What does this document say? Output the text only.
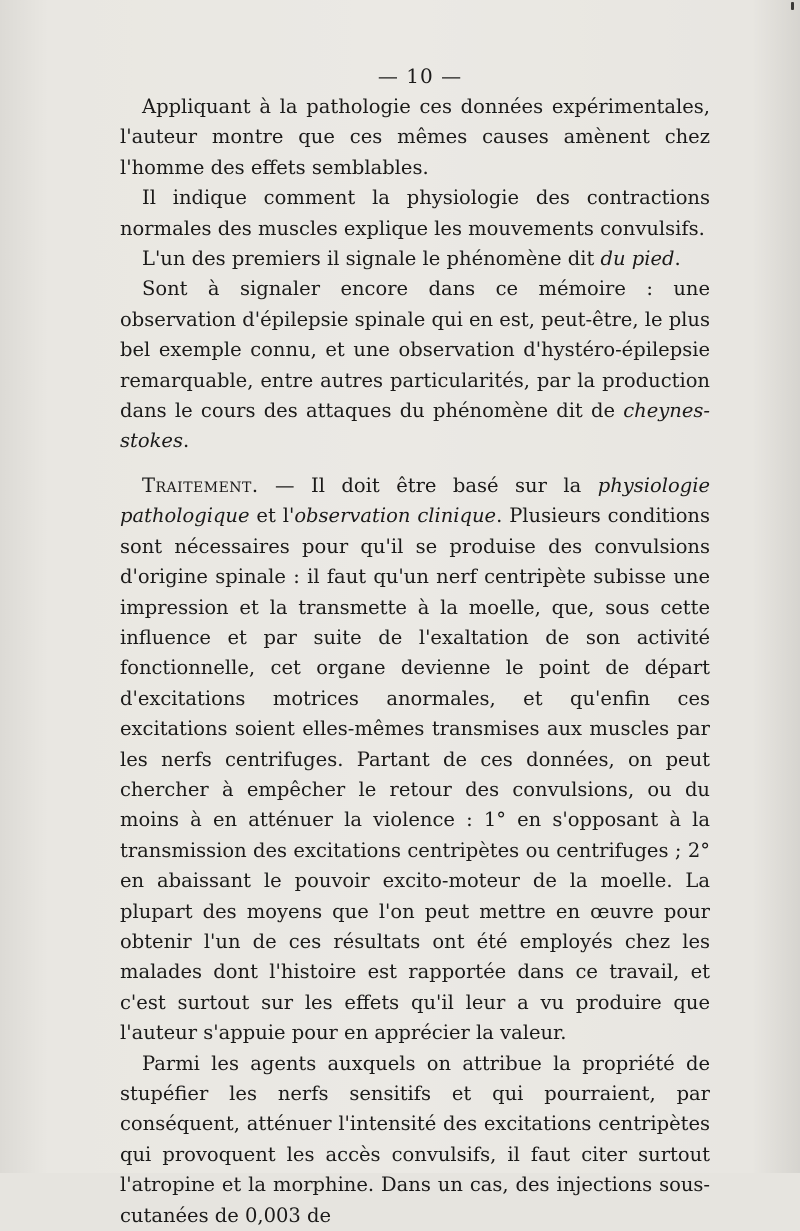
— 10 —

Appliquant à la pathologie ces données expérimentales, l'auteur montre que ces mêmes causes amènent chez l'homme des effets semblables.

Il indique comment la physiologie des contractions normales des muscles explique les mouvements convulsifs.

L'un des premiers il signale le phénomène dit du pied.

Sont à signaler encore dans ce mémoire : une observation d'épilepsie spinale qui en est, peut-être, le plus bel exemple connu, et une observation d'hystéro-épilepsie remarquable, entre autres particularités, par la production dans le cours des attaques du phénomène dit de cheynes-stokes.

Traitement. — Il doit être basé sur la physiologie pathologique et l'observation clinique. Plusieurs conditions sont nécessaires pour qu'il se produise des convulsions d'origine spinale : il faut qu'un nerf centripète subisse une impression et la transmette à la moelle, que, sous cette influence et par suite de l'exaltation de son activité fonctionnelle, cet organe devienne le point de départ d'excitations motrices anormales, et qu'enfin ces excitations soient elles-mêmes transmises aux muscles par les nerfs centrifuges. Partant de ces données, on peut chercher à empêcher le retour des convulsions, ou du moins à en atténuer la violence : 1° en s'opposant à la transmission des excitations centripètes ou centrifuges ; 2° en abaissant le pouvoir excito-moteur de la moelle. La plupart des moyens que l'on peut mettre en œuvre pour obtenir l'un de ces résultats ont été employés chez les malades dont l'histoire est rapportée dans ce travail, et c'est surtout sur les effets qu'il leur a vu produire que l'auteur s'appuie pour en apprécier la valeur.

Parmi les agents auxquels on attribue la propriété de stupéfier les nerfs sensitifs et qui pourraient, par conséquent, atténuer l'intensité des excitations centripètes qui provoquent les accès convulsifs, il faut citer surtout l'atropine et la morphine. Dans un cas, des injections sous-cutanées de 0,003 de
